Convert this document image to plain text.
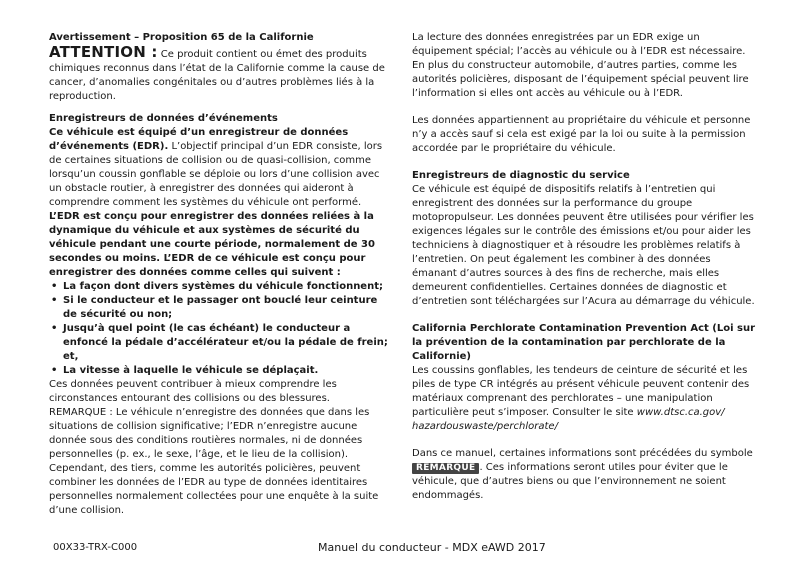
Avertissement – Proposition 65 de la Californie

ATTENTION : Ce produit contient ou émet des produits chimiques reconnus dans l’état de la Californie comme la cause de cancer, d’anomalies congénitales ou d’autres problèmes liés à la reproduction.

Enregistreurs de données d’événements

Ce véhicule est équipé d’un enregistreur de données d’événements (EDR). L’objectif principal d’un EDR consiste, lors de certaines situations de collision ou de quasi-collision, comme lorsqu’un coussin gonflable se déploie ou lors d’une collision avec un obstacle routier, à enregistrer des données qui aideront à comprendre comment les systèmes du véhicule ont performé.

L’EDR est conçu pour enregistrer des données reliées à la dynamique du véhicule et aux systèmes de sécurité du véhicule pendant une courte période, normalement de 30 secondes ou moins. L’EDR de ce véhicule est conçu pour enregistrer des données comme celles qui suivent :

• La façon dont divers systèmes du véhicule fonctionnent;
• Si le conducteur et le passager ont bouclé leur ceinture de sécurité ou non;
• Jusqu’à quel point (le cas échéant) le conducteur a enfoncé la pédale d’accélérateur et/ou la pédale de frein; et,
• La vitesse à laquelle le véhicule se déplaçait.

Ces données peuvent contribuer à mieux comprendre les circonstances entourant des collisions ou des blessures.

REMARQUE : Le véhicule n’enregistre des données que dans les situations de collision significative; l’EDR n’enregistre aucune donnée sous des conditions routières normales, ni de données personnelles (p. ex., le sexe, l’âge, et le lieu de la collision).

Cependant, des tiers, comme les autorités policières, peuvent combiner les données de l’EDR au type de données identitaires personnelles normalement collectées pour une enquête à la suite d’une collision.

La lecture des données enregistrées par un EDR exige un équipement spécial; l’accès au véhicule ou à l’EDR est nécessaire. En plus du constructeur automobile, d’autres parties, comme les autorités policières, disposant de l’équipement spécial peuvent lire l’information si elles ont accès au véhicule ou à l’EDR.

Les données appartiennent au propriétaire du véhicule et personne n’y a accès sauf si cela est exigé par la loi ou suite à la permission accordée par le propriétaire du véhicule.

Enregistreurs de diagnostic du service

Ce véhicule est équipé de dispositifs relatifs à l’entretien qui enregistrent des données sur la performance du groupe motopropulseur. Les données peuvent être utilisées pour vérifier les exigences légales sur le contrôle des émissions et/ou pour aider les techniciens à diagnostiquer et à résoudre les problèmes relatifs à l’entretien. On peut également les combiner à des données émanant d’autres sources à des fins de recherche, mais elles demeurent confidentielles. Certaines données de diagnostic et d’entretien sont téléchargées sur l’Acura au démarrage du véhicule.

California Perchlorate Contamination Prevention Act (Loi sur la prévention de la contamination par perchlorate de la Californie)

Les coussins gonflables, les tendeurs de ceinture de sécurité et les piles de type CR intégrés au présent véhicule peuvent contenir des matériaux comprenant des perchlorates – une manipulation particulière peut s’imposer. Consulter le site www.dtsc.ca.gov/ hazardouswaste/perchlorate/

Dans ce manuel, certaines informations sont précédées du symbole REMARQUE . Ces informations seront utiles pour éviter que le véhicule, que d’autres biens ou que l’environnement ne soient endommagés.

00X33-TRX-C000	Manuel du conducteur - MDX eAWD 2017
